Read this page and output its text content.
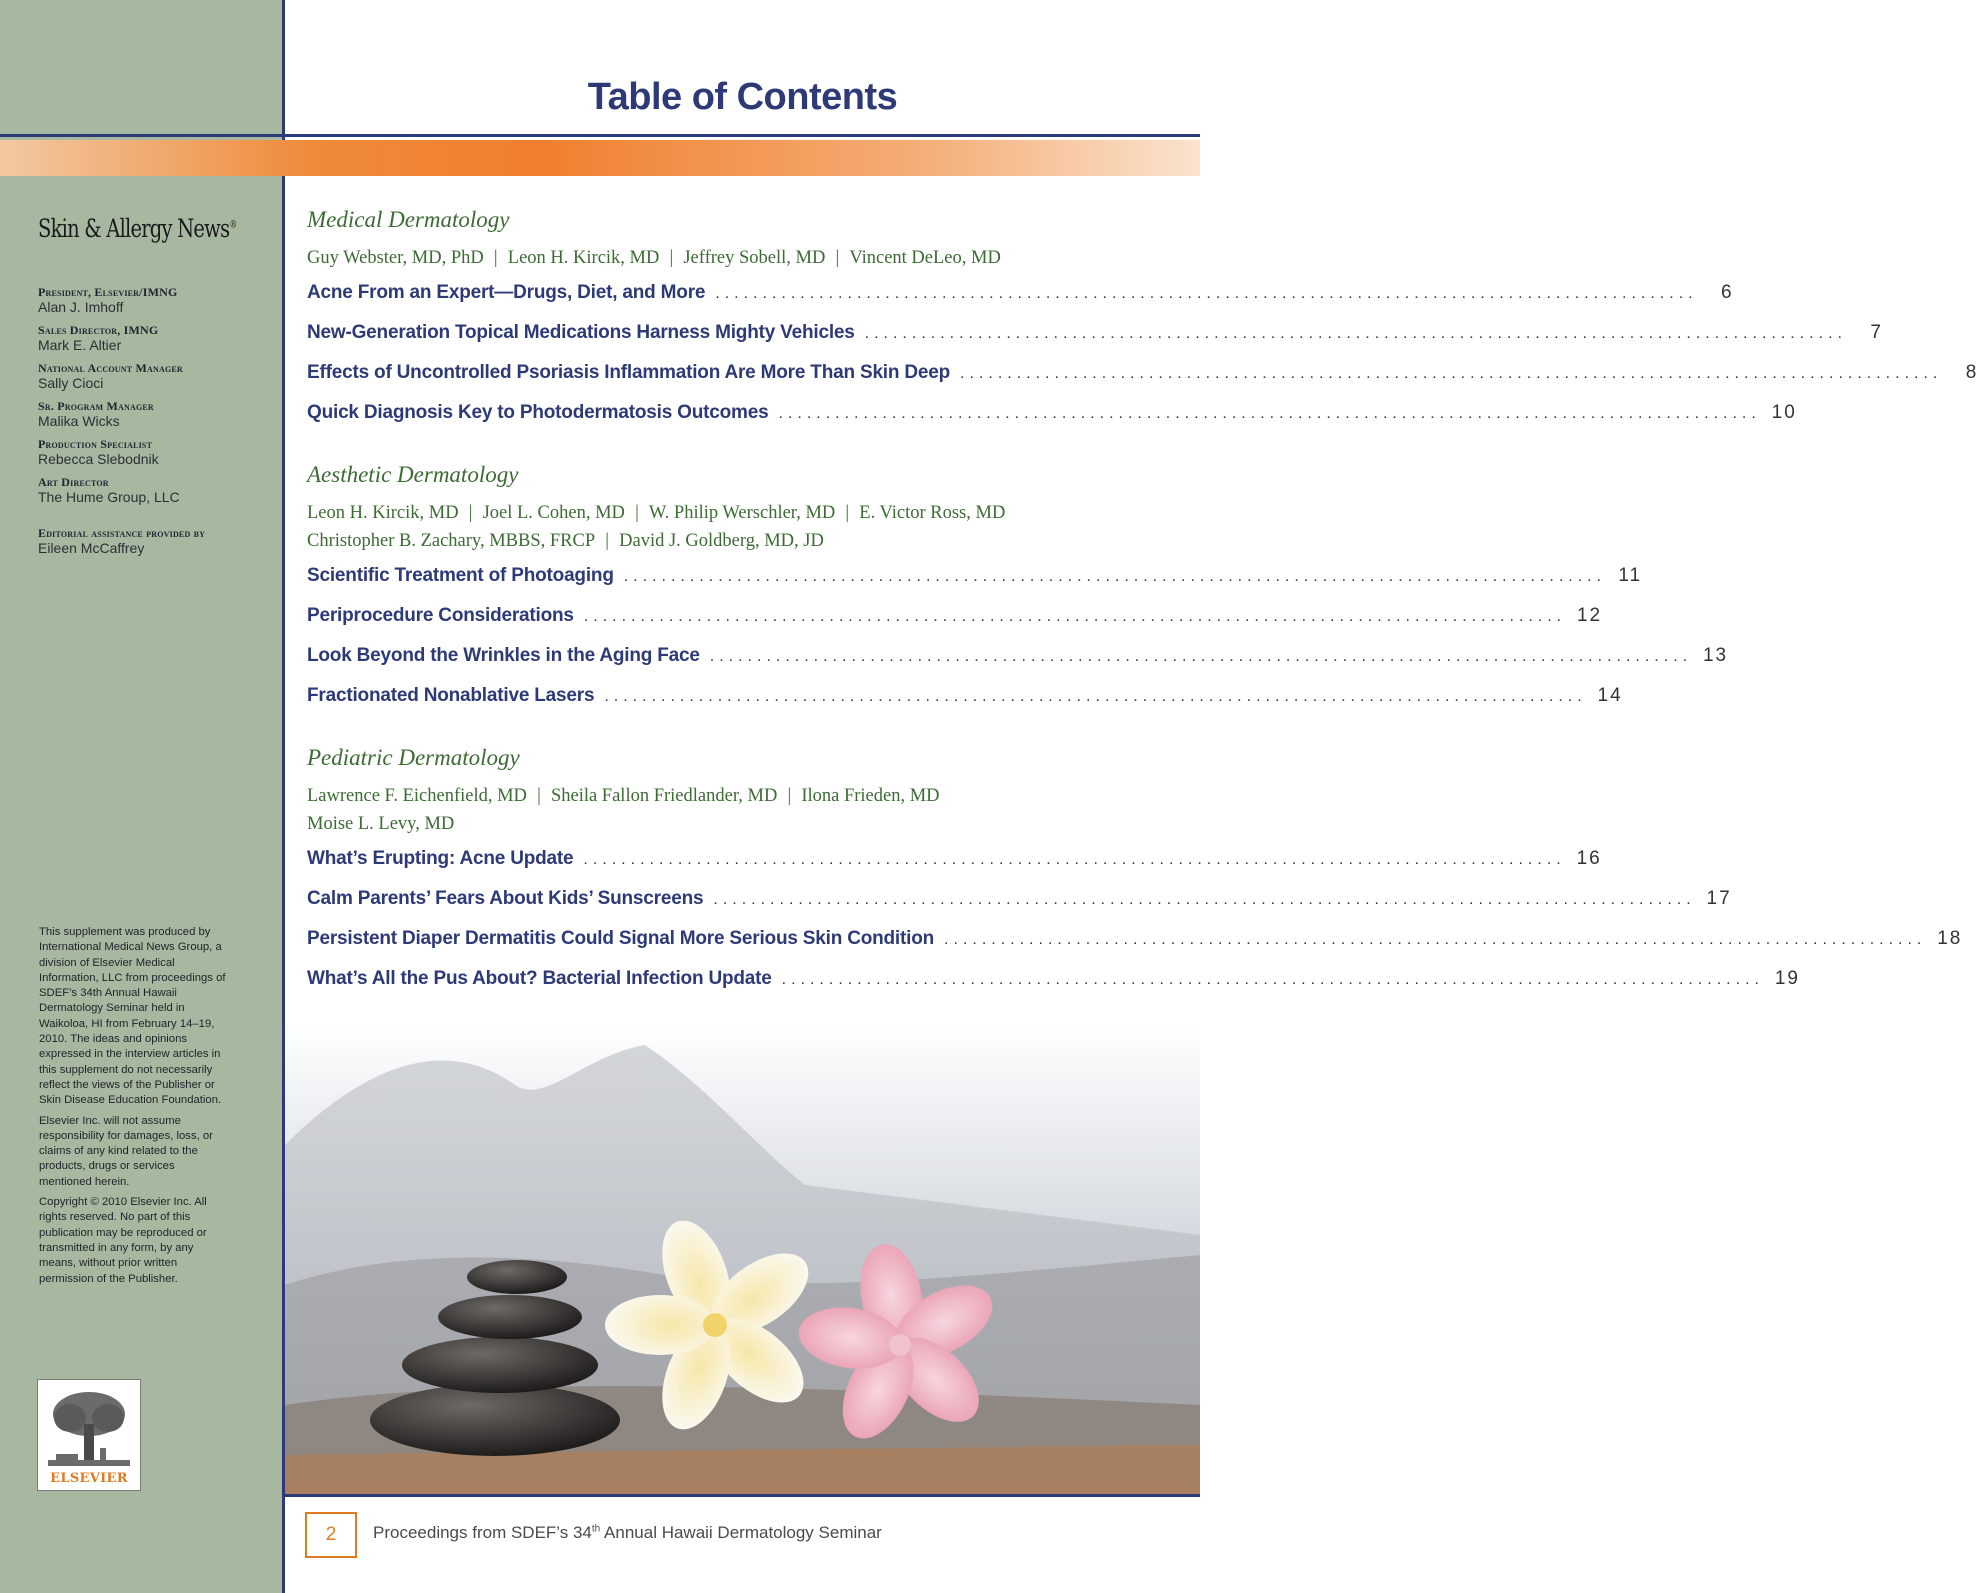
Skin & Allergy News®
President, Elsevier/IMNG
Alan J. Imhoff
Sales Director, IMNG
Mark E. Altier
National Account Manager
Sally Cioci
Sr. Program Manager
Malika Wicks
Production Specialist
Rebecca Slebodnik
Art Director
The Hume Group, LLC
Editorial assistance provided by
Eileen McCaffrey

This supplement was produced by International Medical News Group, a division of Elsevier Medical Information, LLC from proceedings of SDEF’s 34th Annual Hawaii Dermatology Seminar held in Waikoloa, HI from February 14–19, 2010. The ideas and opinions expressed in the interview articles in this supplement do not necessarily reflect the views of the Publisher or Skin Disease Education Foundation.

Elsevier Inc. will not assume responsibility for damages, loss, or claims of any kind related to the products, drugs or services mentioned herein.

Copyright © 2010 Elsevier Inc. All rights reserved. No part of this publication may be reproduced or transmitted in any form, by any means, without prior written permission of the Publisher.

ELSEVIER
Table of Contents
Medical Dermatology
Guy Webster, MD, PhD | Leon H. Kircik, MD | Jeffrey Sobell, MD | Vincent DeLeo, MD
Acne From an Expert—Drugs, Diet, and More ........................................................................................................	6
New-Generation Topical Medications Harness Mighty Vehicles ........................................................................................................	7
Effects of Uncontrolled Psoriasis Inflammation Are More Than Skin Deep ........................................................................................................	8
Quick Diagnosis Key to Photodermatosis Outcomes ........................................................................................................ 10
Aesthetic Dermatology
Leon H. Kircik, MD | Joel L. Cohen, MD | W. Philip Werschler, MD | E. Victor Ross, MD
Christopher B. Zachary, MBBS, FRCP | David J. Goldberg, MD, JD
Scientific Treatment of Photoaging ........................................................................................................ 11
Periprocedure Considerations ........................................................................................................ 12
Look Beyond the Wrinkles in the Aging Face ........................................................................................................ 13
Fractionated Nonablative Lasers ........................................................................................................ 14
Pediatric Dermatology
Lawrence F. Eichenfield, MD | Sheila Fallon Friedlander, MD | Ilona Frieden, MD
Moise L. Levy, MD
What’s Erupting: Acne Update ........................................................................................................ 16
Calm Parents’ Fears About Kids’ Sunscreens ........................................................................................................ 17
Persistent Diaper Dermatitis Could Signal More Serious Skin Condition ........................................................................................................ 18
What’s All the Pus About? Bacterial Infection Update ........................................................................................................ 19
2	Proceedings from SDEF’s 34th Annual Hawaii Dermatology Seminar
